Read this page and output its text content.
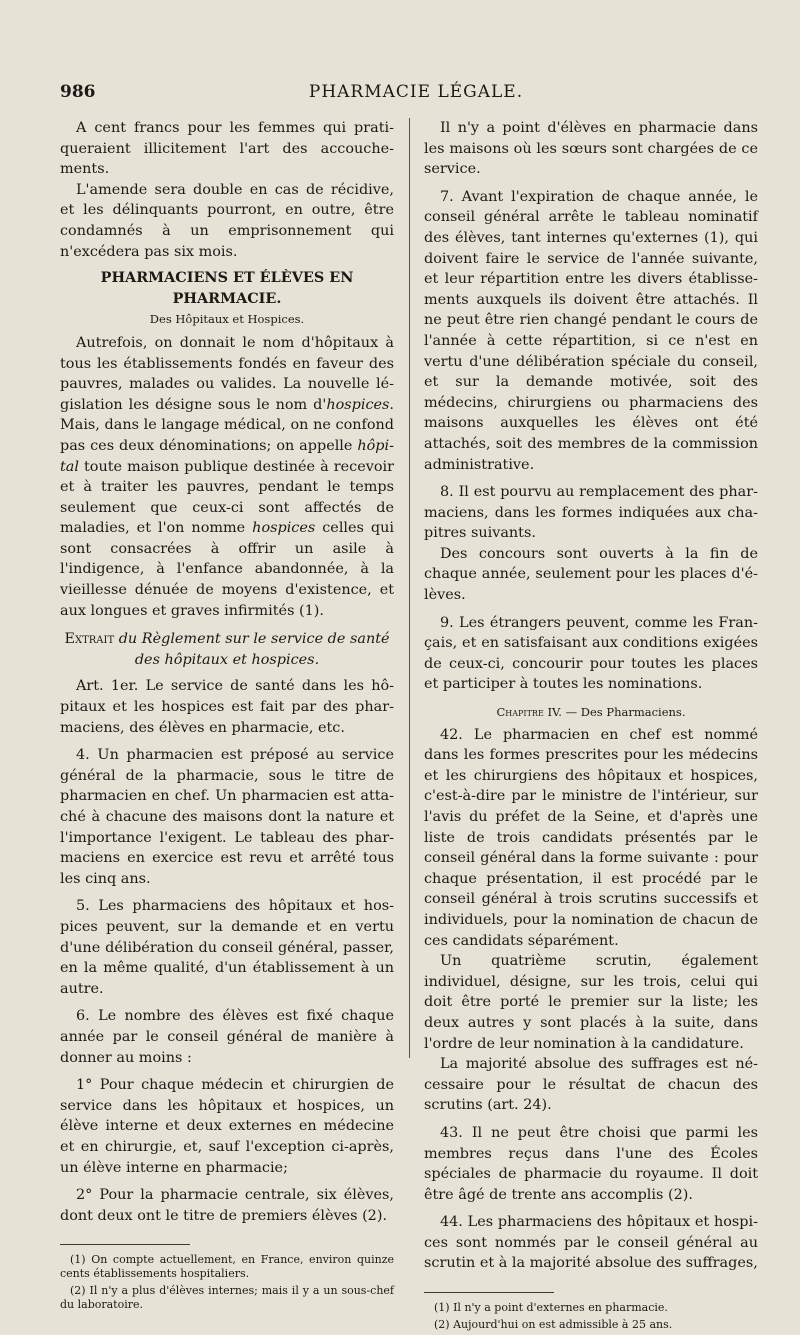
986	PHARMACIE LÉGALE.

A cent francs pour les femmes qui pratiqueraient illicitement l'art des accouchements.

L'amende sera double en cas de récidive, et les délinquants pourront, en outre, être condamnés à un emprisonnement qui n'excédera pas six mois.

PHARMACIENS ET ÉLÈVES EN PHARMACIE.

Des Hôpitaux et Hospices.

Autrefois, on donnait le nom d'hôpitaux à tous les établissements fondés en faveur des pauvres, malades ou valides. La nouvelle législation les désigne sous le nom d'hospices. Mais, dans le langage médical, on ne confond pas ces deux dénominations; on appelle hôpital toute maison publique destinée à recevoir et à traiter les pauvres, pendant le temps seulement que ceux-ci sont affectés de maladies, et l'on nomme hospices celles qui sont consacrées à offrir un asile à l'indigence, à l'enfance abandonnée, à la vieillesse dénuée de moyens d'existence, et aux longues et graves infirmités (1).

Extrait du Règlement sur le service de santé des hôpitaux et hospices.

Art. 1er. Le service de santé dans les hôpitaux et les hospices est fait par des pharmaciens, des élèves en pharmacie, etc.

4. Un pharmacien est préposé au service général de la pharmacie, sous le titre de pharmacien en chef. Un pharmacien est attaché à chacune des maisons dont la nature et l'importance l'exigent. Le tableau des pharmaciens en exercice est revu et arrêté tous les cinq ans.

5. Les pharmaciens des hôpitaux et hospices peuvent, sur la demande et en vertu d'une délibération du conseil général, passer, en la même qualité, d'un établissement à un autre.

6. Le nombre des élèves est fixé chaque année par le conseil général de manière à donner au moins :

1° Pour chaque médecin et chirurgien de service dans les hôpitaux et hospices, un élève interne et deux externes en médecine et en chirurgie, et, sauf l'exception ci-après, un élève interne en pharmacie;

2° Pour la pharmacie centrale, six élèves, dont deux ont le titre de premiers élèves (2).

(1) On compte actuellement, en France, environ quinze cents établissements hospitaliers.

(2) Il n'y a plus d'élèves internes; mais il y a un sous-chef du laboratoire.

Il n'y a point d'élèves en pharmacie dans les maisons où les sœurs sont chargées de ce service.

7. Avant l'expiration de chaque année, le conseil général arrête le tableau nominatif des élèves, tant internes qu'externes (1), qui doivent faire le service de l'année suivante, et leur répartition entre les divers établissements auxquels ils doivent être attachés. Il ne peut être rien changé pendant le cours de l'année à cette répartition, si ce n'est en vertu d'une délibération spéciale du conseil, et sur la demande motivée, soit des médecins, chirurgiens ou pharmaciens des maisons auxquelles les élèves ont été attachés, soit des membres de la commission administrative.

8. Il est pourvu au remplacement des pharmaciens, dans les formes indiquées aux chapitres suivants.

Des concours sont ouverts à la fin de chaque année, seulement pour les places d'élèves.

9. Les étrangers peuvent, comme les Français, et en satisfaisant aux conditions exigées de ceux-ci, concourir pour toutes les places et participer à toutes les nominations.

Chapitre IV. — Des Pharmaciens.

42. Le pharmacien en chef est nommé dans les formes prescrites pour les médecins et les chirurgiens des hôpitaux et hospices, c'est-à-dire par le ministre de l'intérieur, sur l'avis du préfet de la Seine, et d'après une liste de trois candidats présentés par le conseil général dans la forme suivante : pour chaque présentation, il est procédé par le conseil général à trois scrutins successifs et individuels, pour la nomination de chacun de ces candidats séparément.

Un quatrième scrutin, également individuel, désigne, sur les trois, celui qui doit être porté le premier sur la liste; les deux autres y sont placés à la suite, dans l'ordre de leur nomination à la candidature.

La majorité absolue des suffrages est nécessaire pour le résultat de chacun des scrutins (art. 24).

43. Il ne peut être choisi que parmi les membres reçus dans l'une des Écoles spéciales de pharmacie du royaume. Il doit être âgé de trente ans accomplis (2).

44. Les pharmaciens des hôpitaux et hospices sont nommés par le conseil général au scrutin et à la majorité absolue des suffrages,

(1) Il n'y a point d'externes en pharmacie.

(2) Aujourd'hui on est admissible à 25 ans.
